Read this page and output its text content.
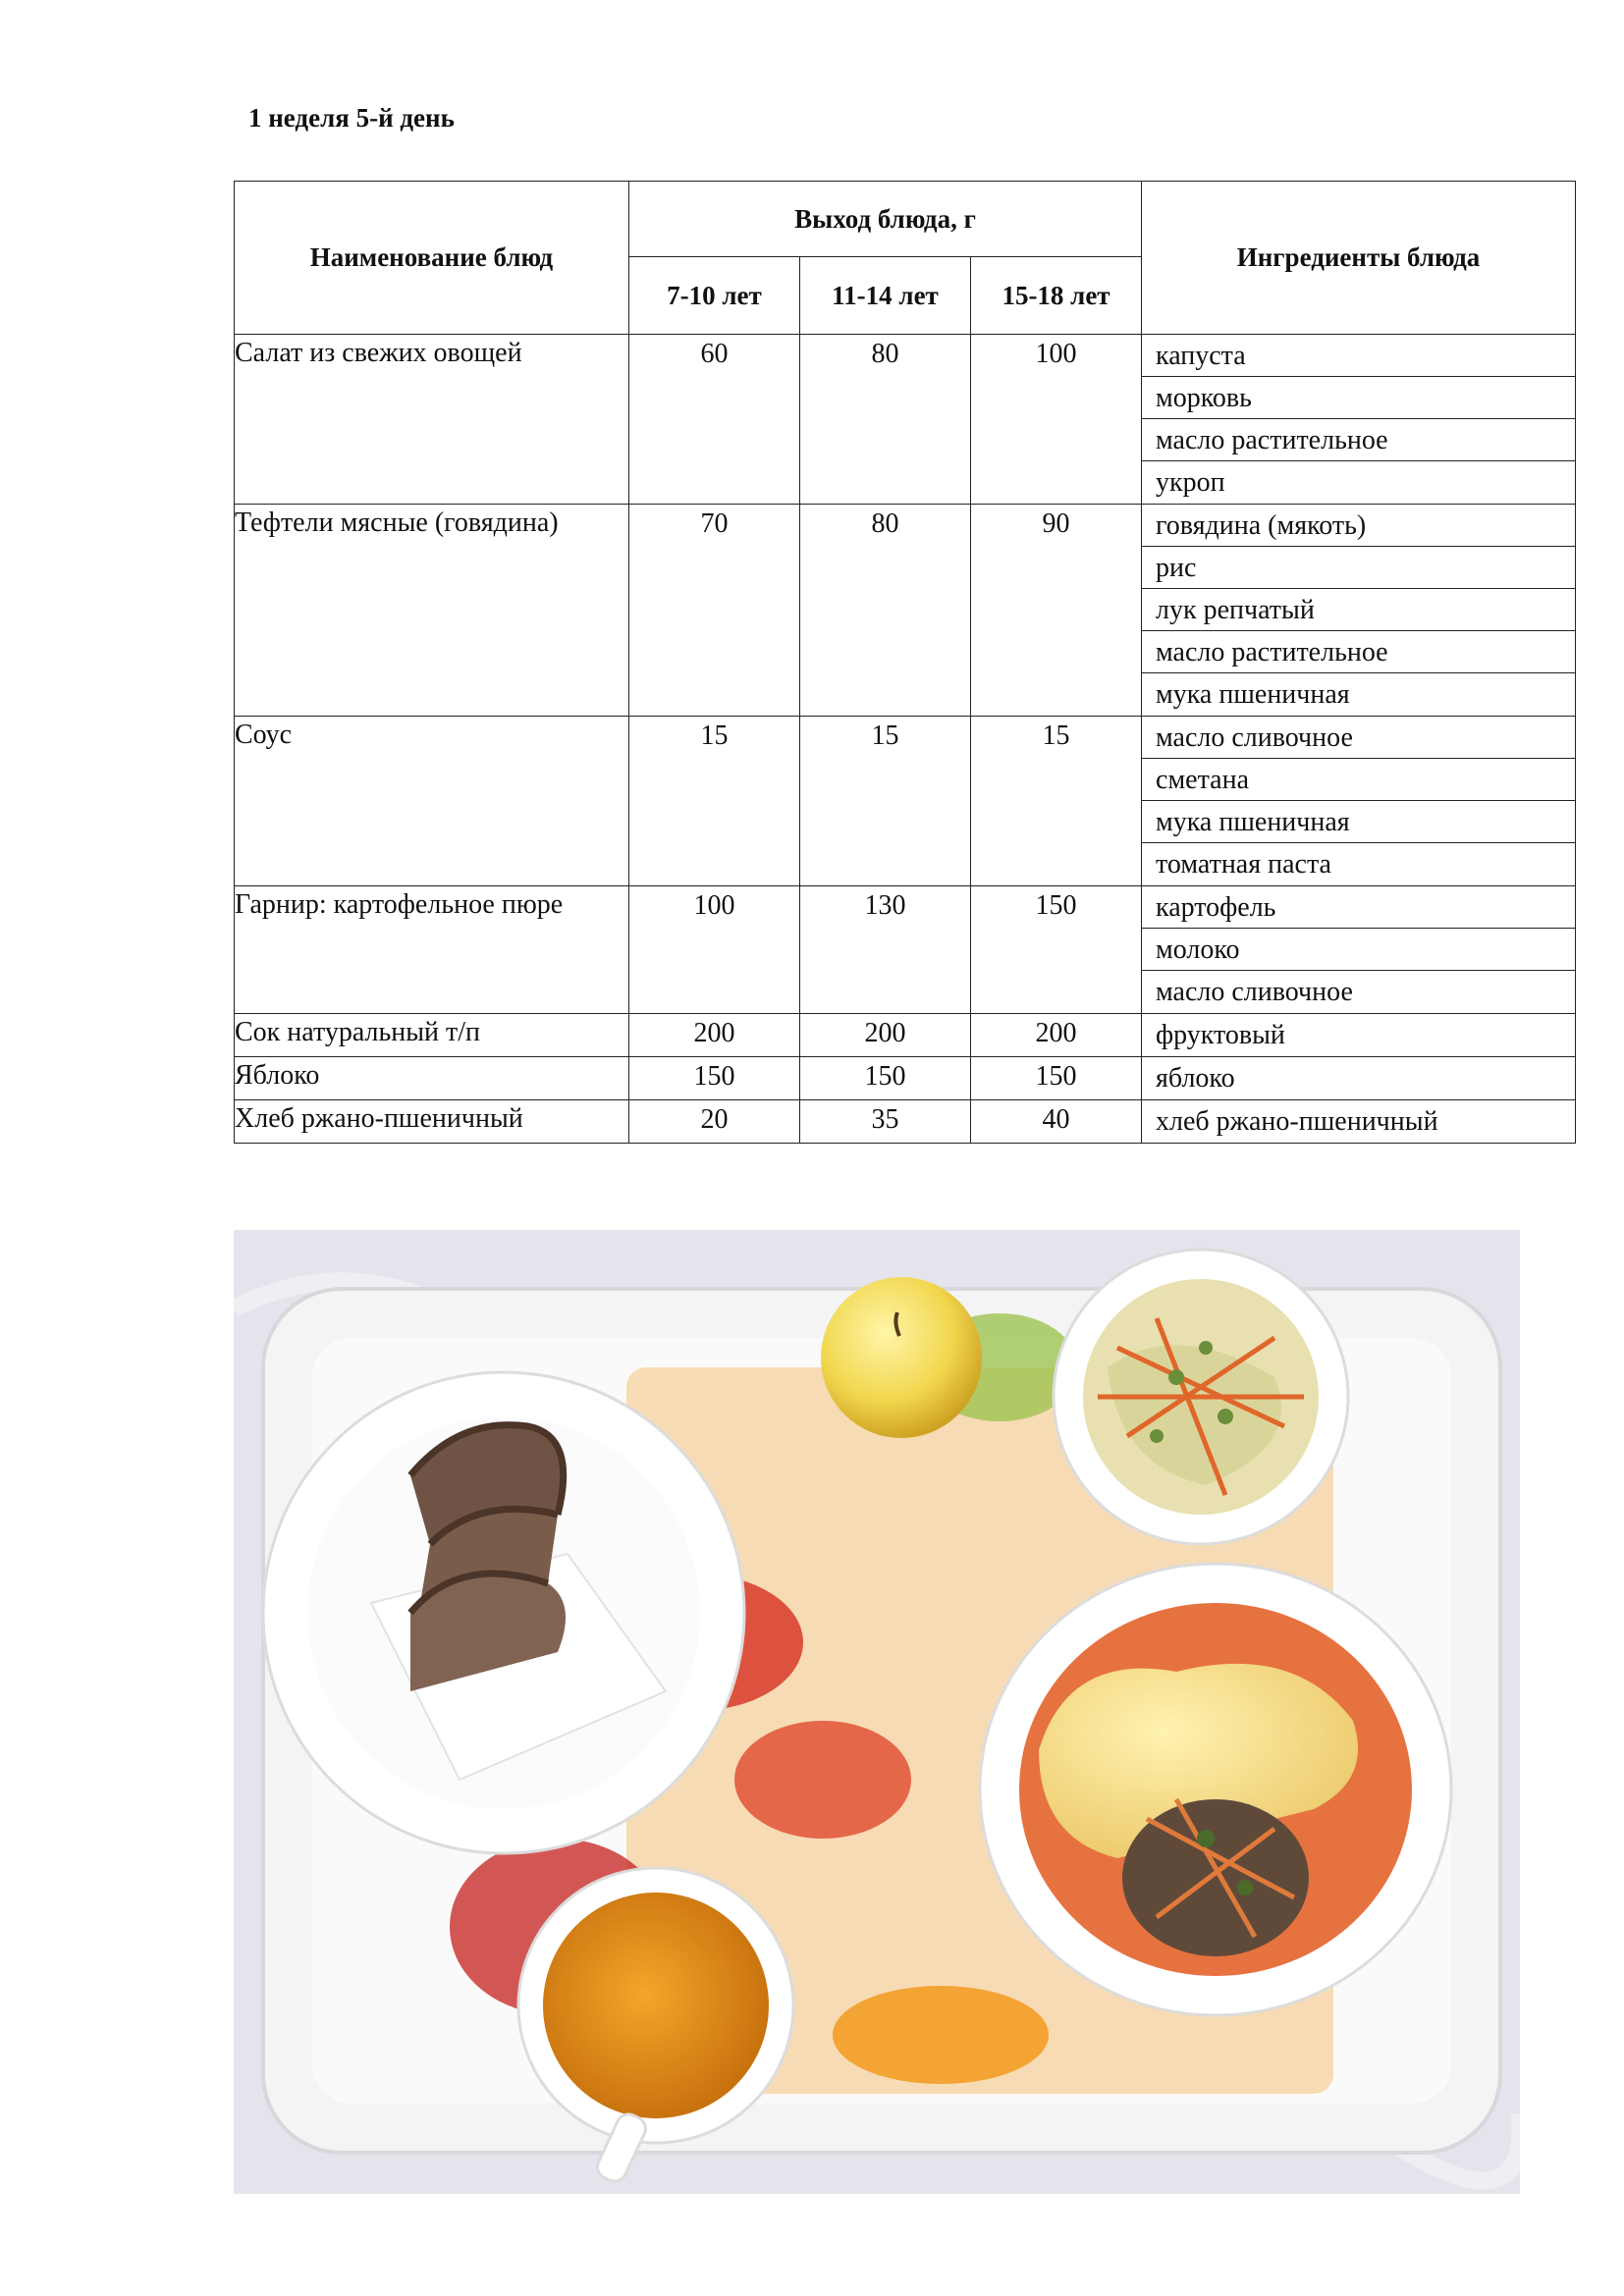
1 неделя 5-й день
Наименование блюд	Выход блюда, г			Ингредиенты блюда
	7-10 лет	11-14 лет	15-18 лет	
Салат из свежих овощей	60	80	100	капуста
морковь
масло растительное
укроп

Тефтели мясные (говядина)	70	80	90	говядина (мякоть)
рис
лук репчатый
масло растительное
мука пшеничная

Соус	15	15	15	масло сливочное
сметана
мука пшеничная
томатная паста

Гарнир: картофельное пюре	100	130	150	картофель
молоко
масло сливочное

Сок натуральный т/п	200	200	200	фруктовый

Яблоко	150	150	150	яблоко

Хлеб ржано-пшеничный	20	35	40	хлеб ржано-пшеничный
